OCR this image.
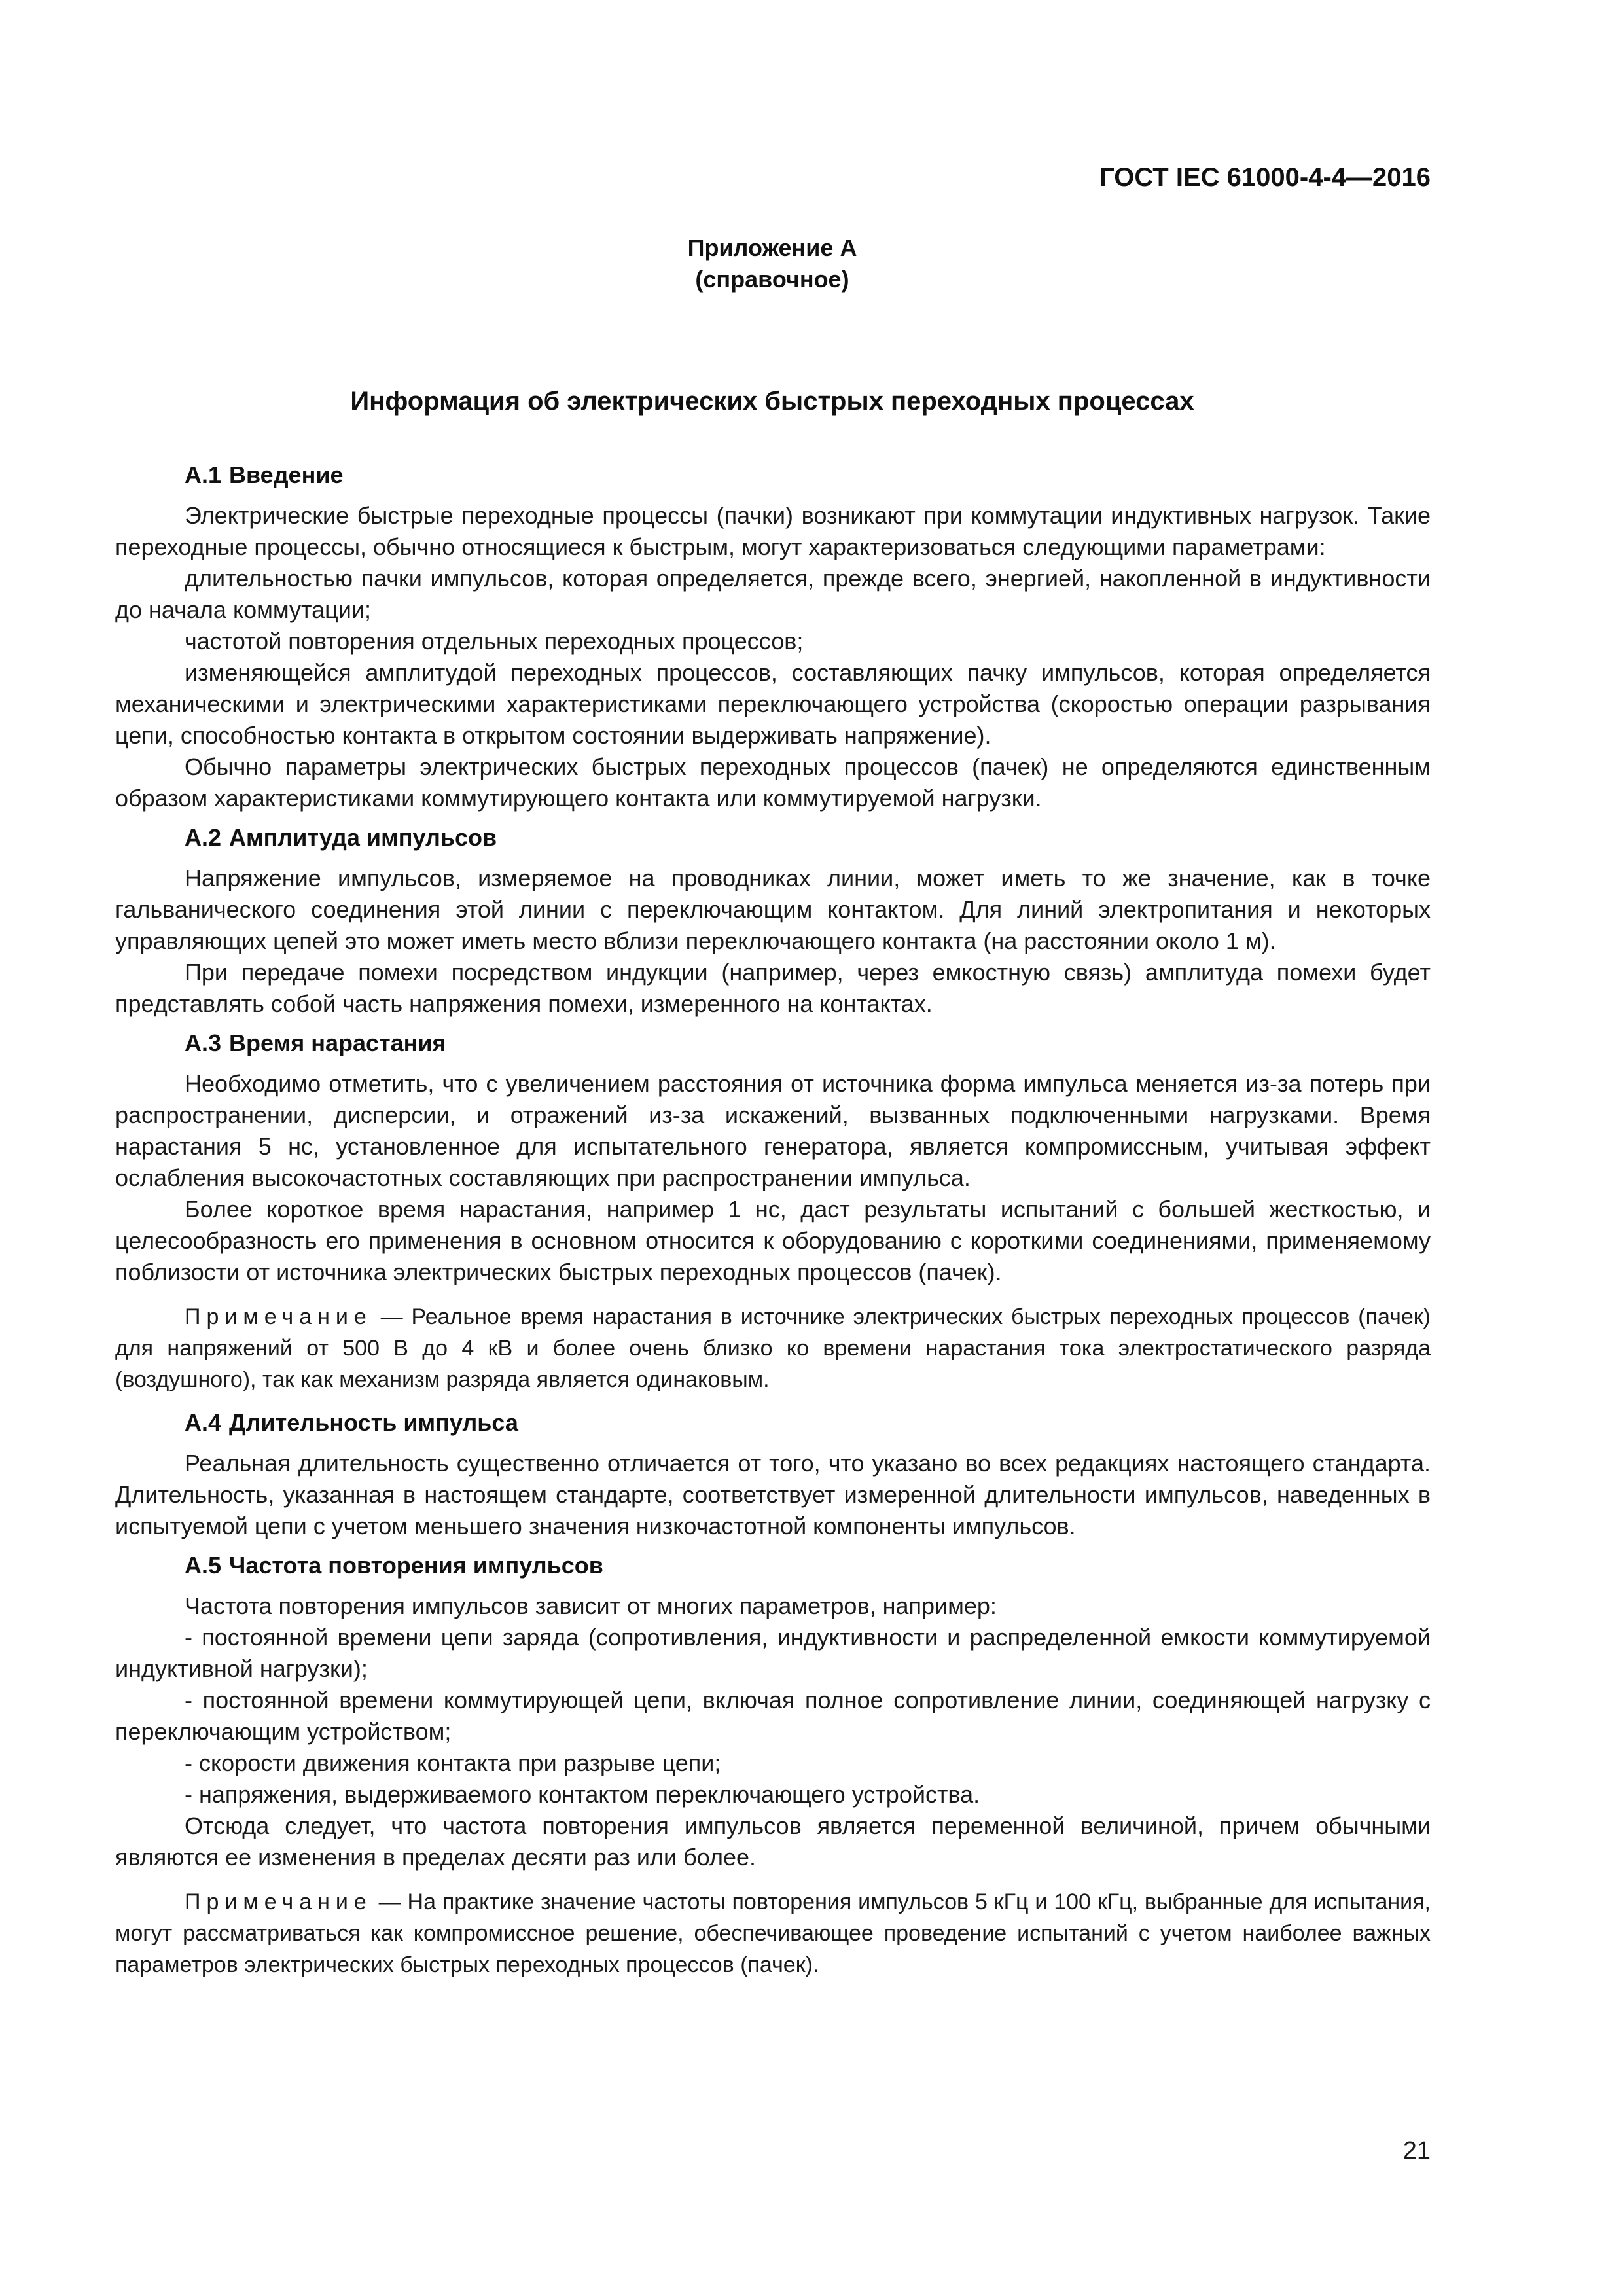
ГОСТ IEC 61000-4-4—2016
Приложение А
(справочное)
Информация об электрических быстрых переходных процессах
А.1 Введение

Электрические быстрые переходные процессы (пачки) возникают при коммутации индуктивных нагрузок. Такие переходные процессы, обычно относящиеся к быстрым, могут характеризоваться следующими параметрами:

длительностью пачки импульсов, которая определяется, прежде всего, энергией, накопленной в индуктивности до начала коммутации;

частотой повторения отдельных переходных процессов;

изменяющейся амплитудой переходных процессов, составляющих пачку импульсов, которая определяется механическими и электрическими характеристиками переключающего устройства (скоростью операции разрывания цепи, способностью контакта в открытом состоянии выдерживать напряжение).

Обычно параметры электрических быстрых переходных процессов (пачек) не определяются единственным образом характеристиками коммутирующего контакта или коммутируемой нагрузки.

А.2 Амплитуда импульсов

Напряжение импульсов, измеряемое на проводниках линии, может иметь то же значение, как в точке гальванического соединения этой линии с переключающим контактом. Для линий электропитания и некоторых управляющих цепей это может иметь место вблизи переключающего контакта (на расстоянии около 1 м).

При передаче помехи посредством индукции (например, через емкостную связь) амплитуда помехи будет представлять собой часть напряжения помехи, измеренного на контактах.

А.3 Время нарастания

Необходимо отметить, что с увеличением расстояния от источника форма импульса меняется из-за потерь при распространении, дисперсии, и отражений из-за искажений, вызванных подключенными нагрузками. Время нарастания 5 нс, установленное для испытательного генератора, является компромиссным, учитывая эффект ослабления высокочастотных составляющих при распространении импульса.

Более короткое время нарастания, например 1 нс, даст результаты испытаний с большей жесткостью, и целесообразность его применения в основном относится к оборудованию с короткими соединениями, применяемому поблизости от источника электрических быстрых переходных процессов (пачек).

Примечание — Реальное время нарастания в источнике электрических быстрых переходных процессов (пачек) для напряжений от 500 В до 4 кВ и более очень близко ко времени нарастания тока электростатического разряда (воздушного), так как механизм разряда является одинаковым.

А.4 Длительность импульса

Реальная длительность существенно отличается от того, что указано во всех редакциях настоящего стандарта. Длительность, указанная в настоящем стандарте, соответствует измеренной длительности импульсов, наведенных в испытуемой цепи с учетом меньшего значения низкочастотной компоненты импульсов.

А.5 Частота повторения импульсов

Частота повторения импульсов зависит от многих параметров, например:

- постоянной времени цепи заряда (сопротивления, индуктивности и распределенной емкости коммутируемой индуктивной нагрузки);

- постоянной времени коммутирующей цепи, включая полное сопротивление линии, соединяющей нагрузку с переключающим устройством;

- скорости движения контакта при разрыве цепи;

- напряжения, выдерживаемого контактом переключающего устройства.

Отсюда следует, что частота повторения импульсов является переменной величиной, причем обычными являются ее изменения в пределах десяти раз или более.

Примечание — На практике значение частоты повторения импульсов 5 кГц и 100 кГц, выбранные для испытания, могут рассматриваться как компромиссное решение, обеспечивающее проведение испытаний с учетом наиболее важных параметров электрических быстрых переходных процессов (пачек).

21
